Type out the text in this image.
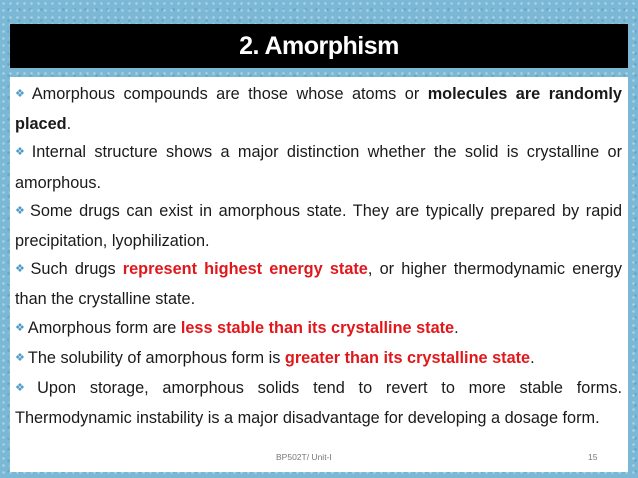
2. Amorphism

❖ Amorphous compounds are those whose atoms or molecules are randomly placed.

❖ Internal structure shows a major distinction whether the solid is crystalline or amorphous.

❖ Some drugs can exist in amorphous state. They are typically prepared by rapid precipitation, lyophilization.

❖ Such drugs represent highest energy state, or higher thermodynamic energy than the crystalline state.

❖ Amorphous form are less stable than its crystalline state.

❖ The solubility of amorphous form is greater than its crystalline state.

❖ Upon storage, amorphous solids tend to revert to more stable forms. Thermodynamic instability is a major disadvantage for developing a dosage form.

BP502T/ Unit-I	15
